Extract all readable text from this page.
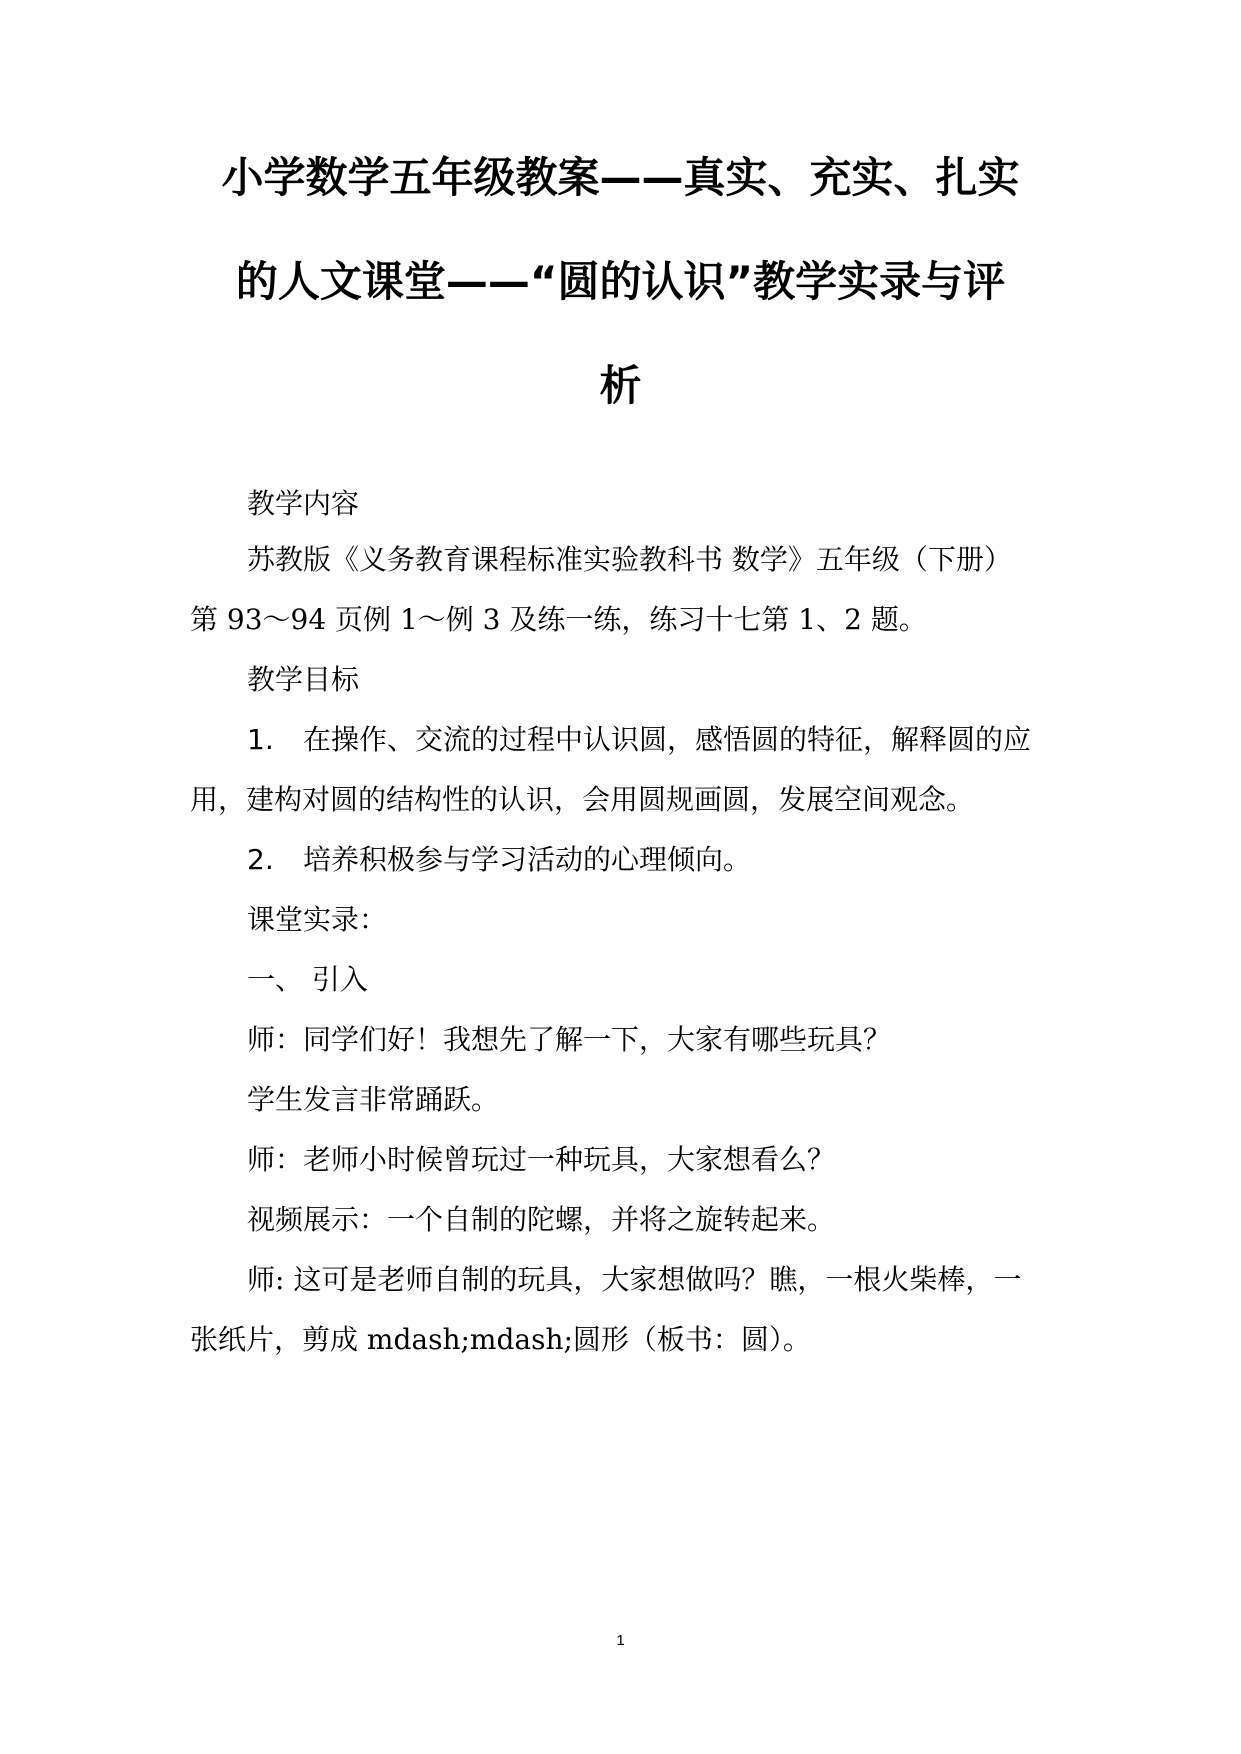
小学数学五年级教案——真实、充实、扎实
的人文课堂——“圆的认识”教学实录与评
析
教学内容
苏教版《义务教育课程标准实验教科书 数学》五年级（下册）
第 93～94 页例 1～例 3 及练一练，练习十七第 1、2 题。
教学目标
1. 在操作、交流的过程中认识圆，感悟圆的特征，解释圆的应
用，建构对圆的结构性的认识，会用圆规画圆，发展空间观念。
2. 培养积极参与学习活动的心理倾向。
课堂实录：
一、 引入
师：同学们好！我想先了解一下，大家有哪些玩具？
学生发言非常踊跃。
师：老师小时候曾玩过一种玩具，大家想看么？
视频展示：一个自制的陀螺，并将之旋转起来。
师: 这可是老师自制的玩具，大家想做吗？瞧，一根火柴棒，一
张纸片，剪成 mdash;mdash;圆形（板书：圆）。
1
